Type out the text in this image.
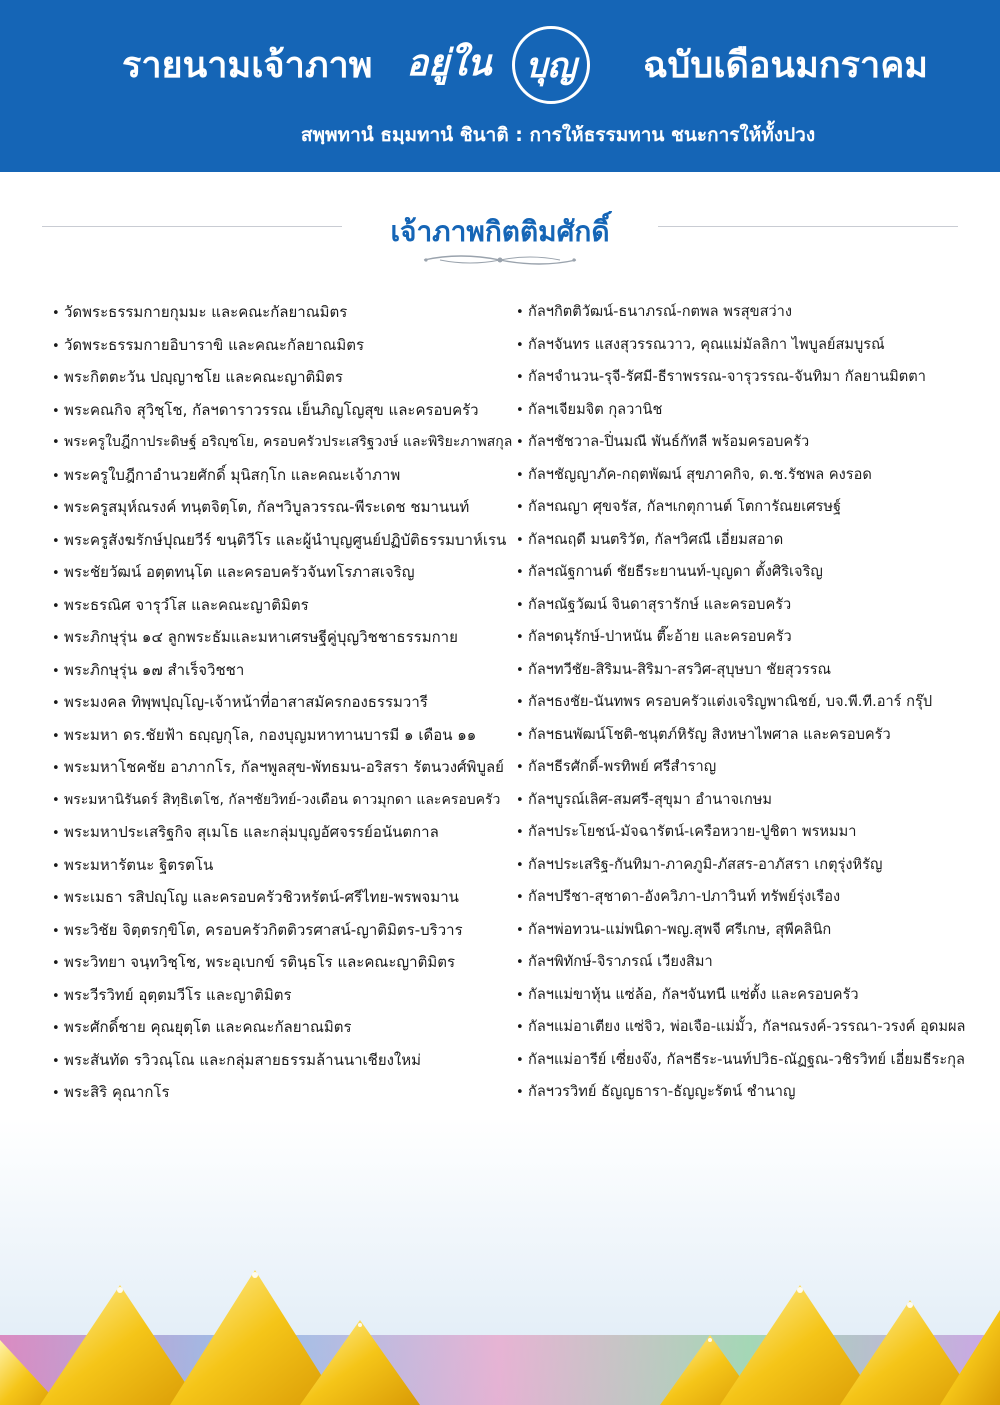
รายนามเจ้าภาพ อยู่ใน	บุญ	ฉบับเดือนมกราคม
สพฺพทานํ ธมฺมทานํ ชินาติ : การให้ธรรมทาน ชนะการให้ทั้งปวง
เจ้าภาพกิตติมศักดิ์
• วัดพระธรรมกายกุมมะ และคณะกัลยาณมิตร
• วัดพระธรรมกายอิบาราขิ และคณะกัลยาณมิตร
• พระกิตตะวัน ปญฺญาชโย และคณะญาติมิตร
• พระคณกิจ สุวิชฺโช, กัลฯดาราวรรณ เย็นภิญโญสุข และครอบครัว
• พระครูใบฎีกาประดิษฐ์ อริญฺชโย, ครอบครัวประเสริฐวงษ์ และพิริยะภาพสกุล
• พระครูใบฎีกาอำนวยศักดิ์ มุนิสกฺโก และคณะเจ้าภาพ
• พระครูสมุห์ณรงค์ ทนฺตจิตฺโต, กัลฯวิบูลวรรณ-พีระเดช ชมานนท์
• พระครูสังฆรักษ์ปุณยวีร์ ขนฺติวีโร และผู้นำบุญศูนย์ปฏิบัติธรรมบาห์เรน
• พระชัยวัฒน์ อตฺตทนฺโต และครอบครัวจันทโรภาสเจริญ
• พระธรณิศ จารุวํโส และคณะญาติมิตร
• พระภิกษุรุ่น ๑๔ ลูกพระธัมและมหาเศรษฐีคู่บุญวิชชาธรรมกาย
• พระภิกษุรุ่น ๑๗ สำเร็จวิชชา
• พระมงคล ทิพฺพปุญฺโญ-เจ้าหน้าที่อาสาสมัครกองธรรมวารี
• พระมหา ดร.ชัยฟ้า ธญฺญกุโล, กองบุญมหาทานบารมี ๑ เดือน ๑๑
• พระมหาโชคชัย อาภากโร, กัลฯพูลสุข-พัทธมน-อริสรา รัตนวงศ์พิบูลย์
• พระมหานิรันดร์ สิทฺธิเตโช, กัลฯชัยวิทย์-วงเดือน ดาวมุกดา และครอบครัว
• พระมหาประเสริฐกิจ สุเมโธ และกลุ่มบุญอัศจรรย์อนันตกาล
• พระมหารัตนะ ฐิตรตโน
• พระเมธา รสิปญฺโญ และครอบครัวชิวหรัตน์-ศรีไทย-พรพจมาน
• พระวิชัย จิตฺตรกฺขิโต, ครอบครัวกิตติวรศาสน์-ญาติมิตร-บริวาร
• พระวิทยา จนฺทวิชฺโช, พระอุเบกข์ รตินฺธโร และคณะญาติมิตร
• พระวีรวิทย์ อุตฺตมวีโร และญาติมิตร
• พระศักดิ์ชาย คุณยุตฺโต และคณะกัลยาณมิตร
• พระสันทัด รวิวณฺโณ และกลุ่มสายธรรมล้านนาเชียงใหม่
• พระสิริ คุณากโร
• กัลฯกิตติวัฒน์-ธนาภรณ์-กตพล พรสุขสว่าง
• กัลฯจันทร แสงสุวรรณวาว, คุณแม่มัลลิกา ไพบูลย์สมบูรณ์
• กัลฯจำนวน-รุจี-รัศมี-ธีราพรรณ-จารุวรรณ-จันทิมา กัลยานมิตตา
• กัลฯเจียมจิต กุลวานิช
• กัลฯชัชวาล-ปิ่นมณี พันธ์กัทลี พร้อมครอบครัว
• กัลฯชัญญาภัค-กฤตพัฒน์ สุขภาคกิจ, ด.ช.รัชพล คงรอด
• กัลฯณญา ศุขจรัส, กัลฯเกตุกานต์ โตการัณยเศรษฐ์
• กัลฯณฤดี มนตริวัต, กัลฯวิศณี เอี่ยมสอาด
• กัลฯณัฐกานต์ ชัยธีระยานนท์-บุญดา ตั้งศิริเจริญ
• กัลฯณัฐวัฒน์ จินดาสุรารักษ์ และครอบครัว
• กัลฯดนุรักษ์-ปาหนัน ตี๊ะอ้าย และครอบครัว
• กัลฯทวีชัย-สิริมน-สิริมา-สรวิศ-สุบุษบา ชัยสุวรรณ
• กัลฯธงชัย-นันทพร ครอบครัวแต่งเจริญพาณิชย์, บจ.พี.ที.อาร์ กรุ๊ป
• กัลฯธนพัฒน์โชติ-ชนุตภ์หิรัญ สิงหษาไพศาล และครอบครัว
• กัลฯธีรศักดิ์-พรทิพย์ ศรีสำราญ
• กัลฯบูรณ์เลิศ-สมศรี-สุขุมา อำนาจเกษม
• กัลฯประโยชน์-มัจฉารัตน์-เครือหวาย-ปูชิตา พรหมมา
• กัลฯประเสริฐ-กันทิมา-ภาคภูมิ-ภัสสร-อาภัสรา เกตุรุ่งหิรัญ
• กัลฯปรีชา-สุชาดา-อังควิภา-ปภาวินท์ ทรัพย์รุ่งเรือง
• กัลฯพ่อทวน-แม่พนิดา-พญ.สุพจี ศรีเกษ, สุพีคลินิก
• กัลฯพิทักษ์-จิราภรณ์ เวียงสิมา
• กัลฯแม่ขาหุ้น แซ่ล้อ, กัลฯจันทนี แซ่ตั้ง และครอบครัว
• กัลฯแม่อาเตียง แซ่จิว, พ่อเจือ-แม่มั้ว, กัลฯณรงค์-วรรณา-วรงค์ อุดมผล
• กัลฯแม่อารีย์ เซี่ยงจ๊ง, กัลฯธีระ-นนท์ปวิธ-ณัฏฐณ-วชิรวิทย์ เอี่ยมธีระกุล
• กัลฯวรวิทย์ ธัญญธารา-ธัญญะรัตน์ ชำนาญ
